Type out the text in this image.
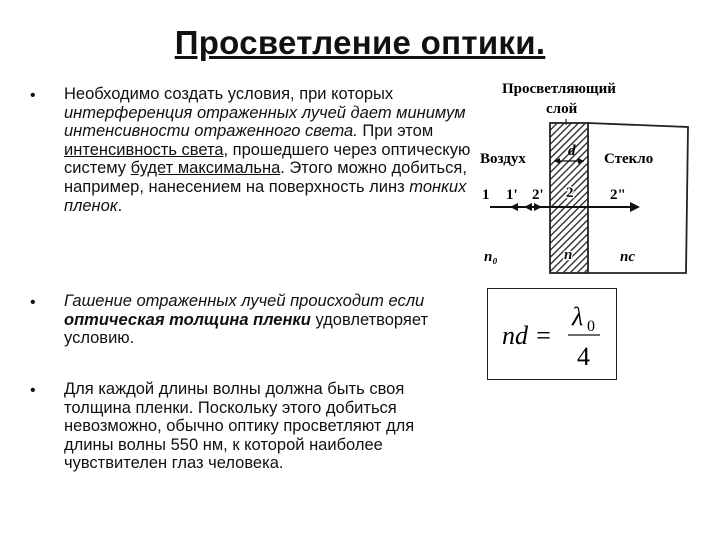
Просветление оптики.
• Необходимо создать условия, при которых интерференция отраженных лучей дает минимум интенсивности отраженного света. При этом интенсивность света, прошедшего через оптическую систему будет максимальна. Этого можно добиться, например, нанесением на поверхность линз тонких пленок.
• Гашение отраженных лучей происходит если оптическая толщина пленки удовлетворяет условию.
• Для каждой длины волны должна быть своя толщина пленки. Поскольку этого добиться невозможно, обычно оптику просветляют для длины волны 550 нм, к которой наиболее чувствителен глаз человека.
Просветляющий
слой
Воздух	Стекло
d
1 1' 2' 2 2"
n₀	n	nс
nd =
λ 0
4
